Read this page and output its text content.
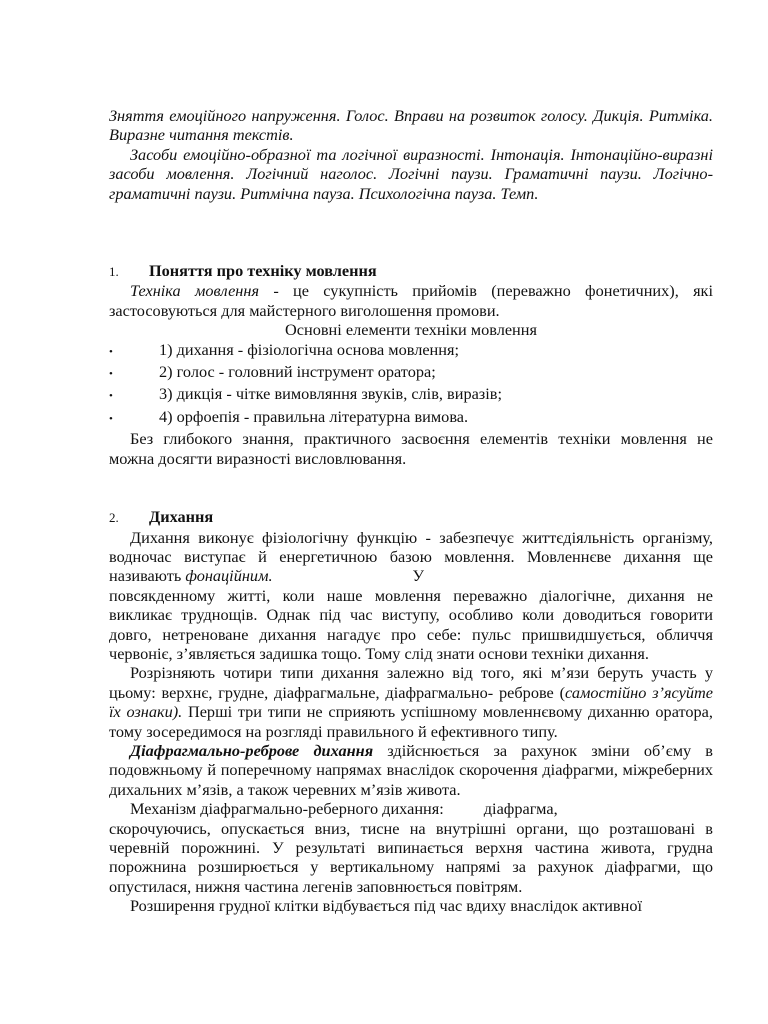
Зняття емоційного напруження. Голос. Вправи на розвиток голосу. Дикція. Ритміка. Виразне читання текстів.

Засоби емоційно-образної та логічної виразності. Інтонація. Інтонаційно-виразні засоби мовлення. Логічний наголос. Логічні паузи. Граматичні паузи. Логічно-граматичні паузи. Ритмічна пауза. Психологічна пауза. Темп.

1.	Поняття про техніку мовлення

Техніка мовлення - це сукупність прийомів (переважно фонетичних), які застосовуються для майстерного виголошення промови.

Основні елементи техніки мовлення

•	1) дихання - фізіологічна основа мовлення;
•	2) голос - головний інструмент оратора;
•	3) дикція - чітке вимовляння звуків, слів, виразів;
•	4) орфоепія - правильна літературна вимова.

Без глибокого знання, практичного засвоєння елементів техніки мовлення не можна досягти виразності висловлювання.

2.	Дихання

Дихання виконує фізіологічну функцію - забезпечує життєдіяльність організму, водночас виступає й енергетичною базою мовлення. Мовленнєве дихання ще називають фонаційним.	У

повсякденному житті, коли наше мовлення переважно діалогічне, дихання не викликає труднощів. Однак під час виступу, особливо коли доводиться говорити довго, нетреноване дихання нагадує про себе: пульс пришвидшується, обличчя червоніє, з’являється задишка тощо. Тому слід знати основи техніки дихання.

Розрізняють чотири типи дихання залежно від того, які м’язи беруть участь у цьому: верхнє, грудне, діафрагмальне, діафрагмально- реброве (самостійно з’ясуйте їх ознаки). Перші три типи не сприяють успішному мовленнєвому диханню оратора, тому зосередимося на розгляді правильного й ефективного типу.

Діафрагмально-реброве дихання здійснюється за рахунок зміни об’єму в подовжньому й поперечному напрямах внаслідок скорочення діафрагми, міжреберних дихальних м’язів, а також черевних м’язів живота.

Механізм діафрагмально-реберного дихання: діафрагма,

скорочуючись, опускається вниз, тисне на внутрішні органи, що розташовані в черевній порожнині. У результаті випинається верхня частина живота, грудна порожнина розширюється у вертикальному напрямі за рахунок діафрагми, що опустилася, нижня частина легенів заповнюється повітрям.

Розширення грудної клітки відбувається під час вдиху внаслідок активної
